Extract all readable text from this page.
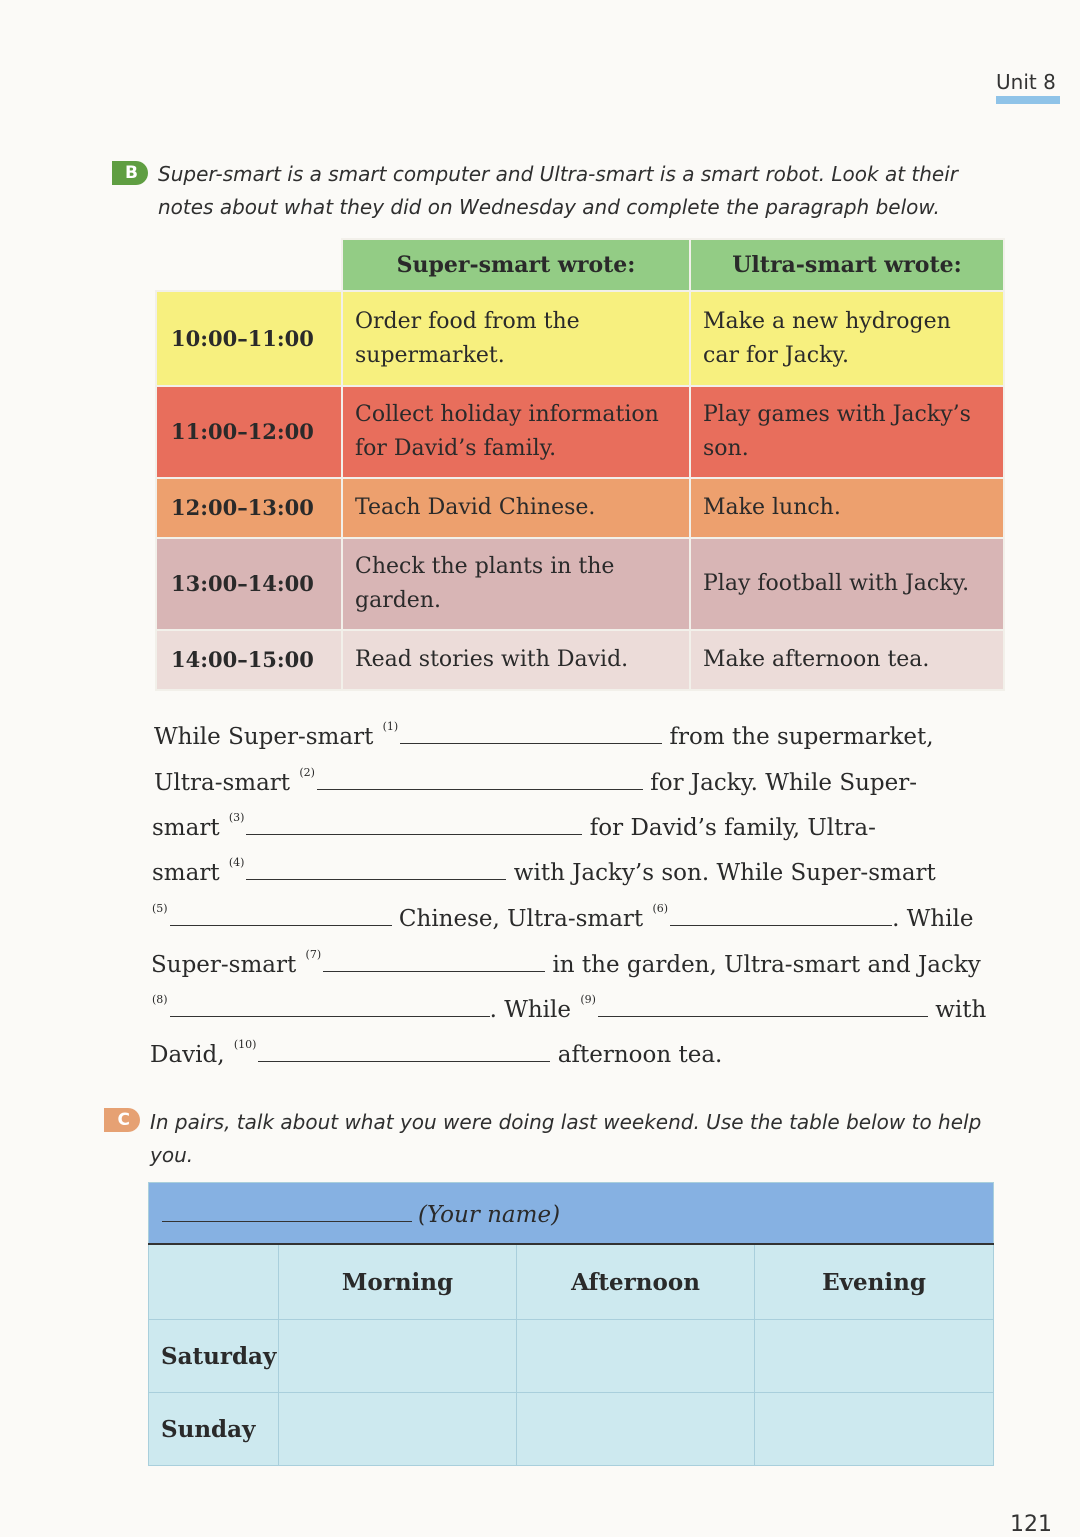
Unit 8
B	Super-smart is a smart computer and Ultra-smart is a smart robot. Look at their notes about what they did on Wednesday and complete the paragraph below.
	Super-smart wrote:	Ultra-smart wrote:
10:00–11:00	Order food from the supermarket.	Make a new hydrogen car for Jacky.
11:00–12:00	Collect holiday information for David’s family.	Play games with Jacky’s son.
12:00–13:00	Teach David Chinese.	Make lunch.
13:00–14:00	Check the plants in the garden.	Play football with Jacky.
14:00–15:00	Read stories with David.	Make afternoon tea.
While Super-smart $^{(1)}$	from the supermarket,
Ultra-smart $^{(2)}$	for Jacky. While Super-
smart $^{(3)}$	for David’s family, Ultra-
smart $^{(4)}$	with Jacky’s son. While Super-smart
$^{(5)}$	Chinese, Ultra-smart $^{(6)}$	. While
Super-smart $^{(7)}$	in the garden, Ultra-smart and Jacky
$^{(8)}$	. While $^{(9)}$	with
David, $^{(10)}$	afternoon tea.
C	In pairs, talk about what you were doing last weekend. Use the table below to help you.
(Your name)			
	Morning	Afternoon	Evening
Saturday			
Sunday			
121
